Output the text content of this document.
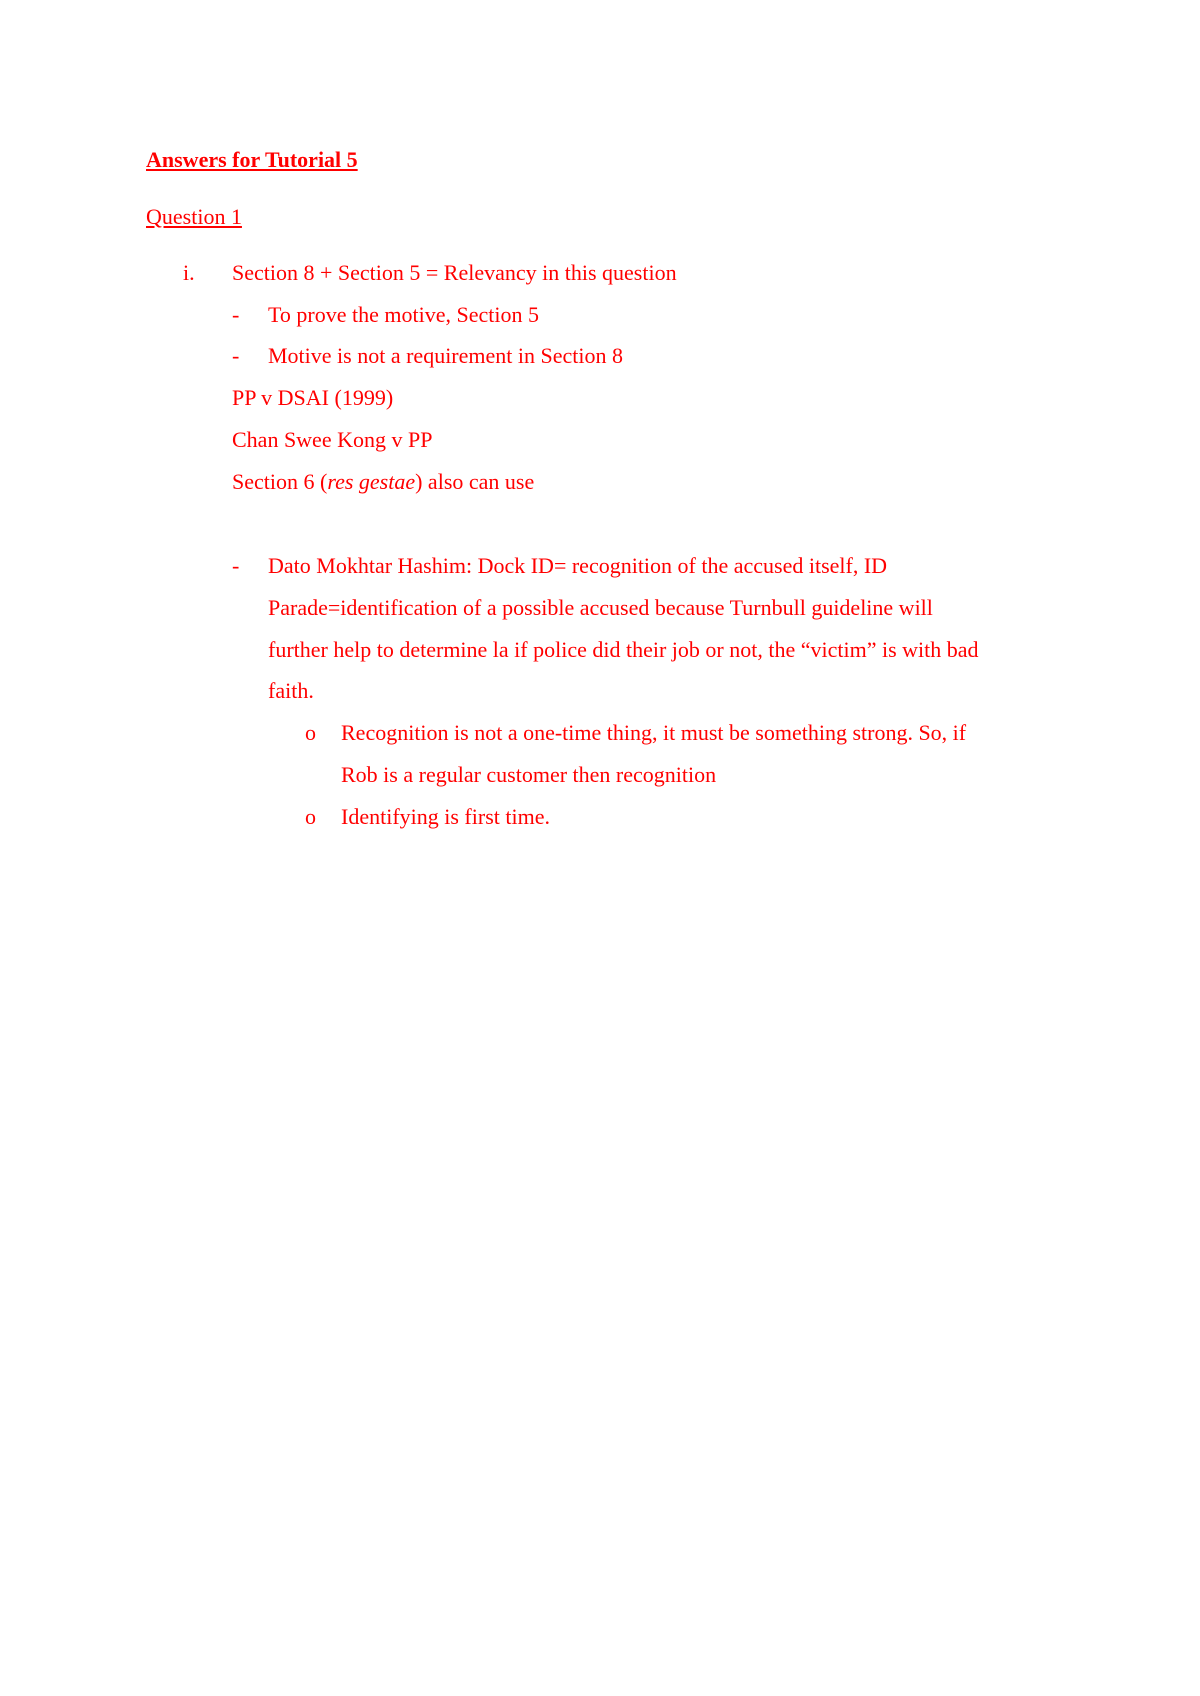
Answers for Tutorial 5
Question 1
i. Section 8 + Section 5 = Relevancy in this question
- To prove the motive, Section 5
- Motive is not a requirement in Section 8
PP v DSAI (1999)
Chan Swee Kong v PP
Section 6 (res gestae) also can use
- Dato Mokhtar Hashim: Dock ID= recognition of the accused itself, ID
Parade=identification of a possible accused because Turnbull guideline will
further help to determine la if police did their job or not, the “victim” is with bad
faith.
o Recognition is not a one-time thing, it must be something strong. So, if
Rob is a regular customer then recognition
o Identifying is first time.
